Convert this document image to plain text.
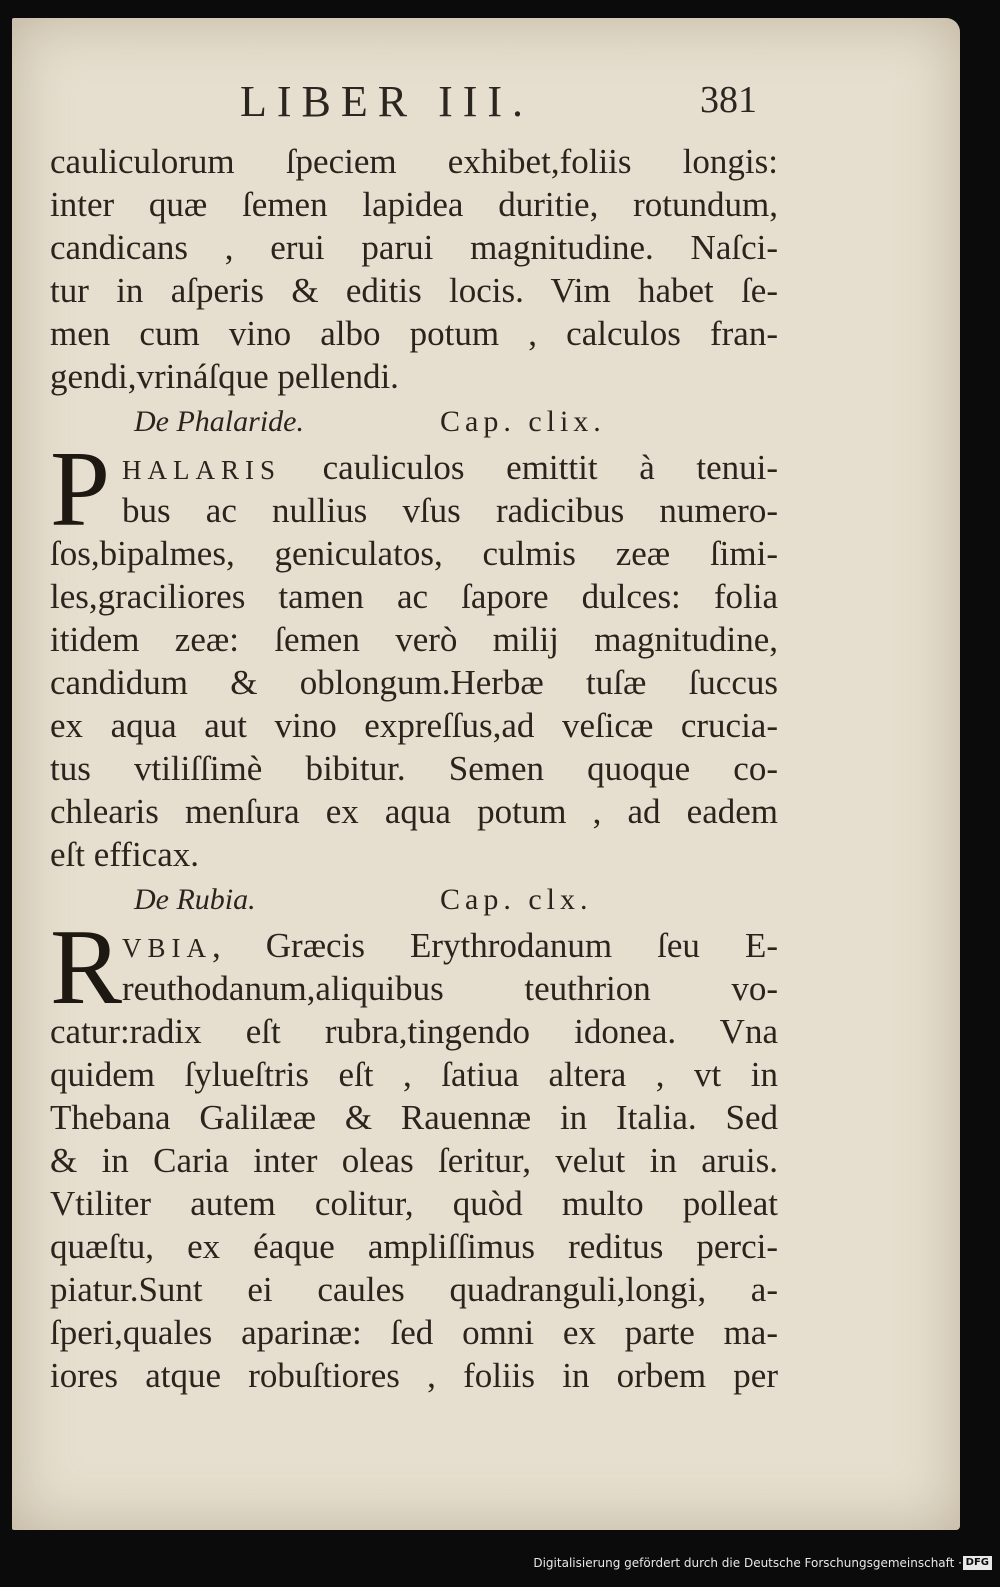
LIBER III.	381
cauliculorum ſpeciem exhibet,foliis longis:
inter quæ ſemen lapidea duritie, rotundum,
candicans , erui parui magnitudine. Naſci-
tur in aſperis & editis locis. Vim habet ſe-
men cum vino albo potum , calculos fran-
gendi,vrináſque pellendi.
De Phalaride.	Cap. clix.
P HALARIS cauliculos emittit à tenui-
bus ac nullius vſus radicibus numero-
ſos,bipalmes, geniculatos, culmis zeæ ſimi-
les,graciliores tamen ac ſapore dulces: folia
itidem zeæ: ſemen verò milij magnitudine,
candidum & oblongum.Herbæ tuſæ ſuccus
ex aqua aut vino expreſſus,ad veſicæ crucia-
tus vtiliſſimè bibitur. Semen quoque co-
chlearis menſura ex aqua potum , ad eadem
eſt efficax.
De Rubia.	Cap. clx.
R VBIA, Græcis Erythrodanum ſeu E-
reuthodanum,aliquibus teuthrion vo-
catur:radix eſt rubra,tingendo idonea. Vna
quidem ſylueſtris eſt , ſatiua altera , vt in
Thebana Galilææ & Rauennæ in Italia. Sed
& in Caria inter oleas ſeritur, velut in aruis.
Vtiliter autem colitur, quòd multo polleat
quæſtu, ex éaque ampliſſimus reditus perci-
piatur.Sunt ei caules quadranguli,longi, a-
ſperi,quales aparinæ: ſed omni ex parte ma-
iores atque robuſtiores , foliis in orbem per
Digitalisierung gefördert durch die Deutsche Forschungsgemeinschaft · DFG
